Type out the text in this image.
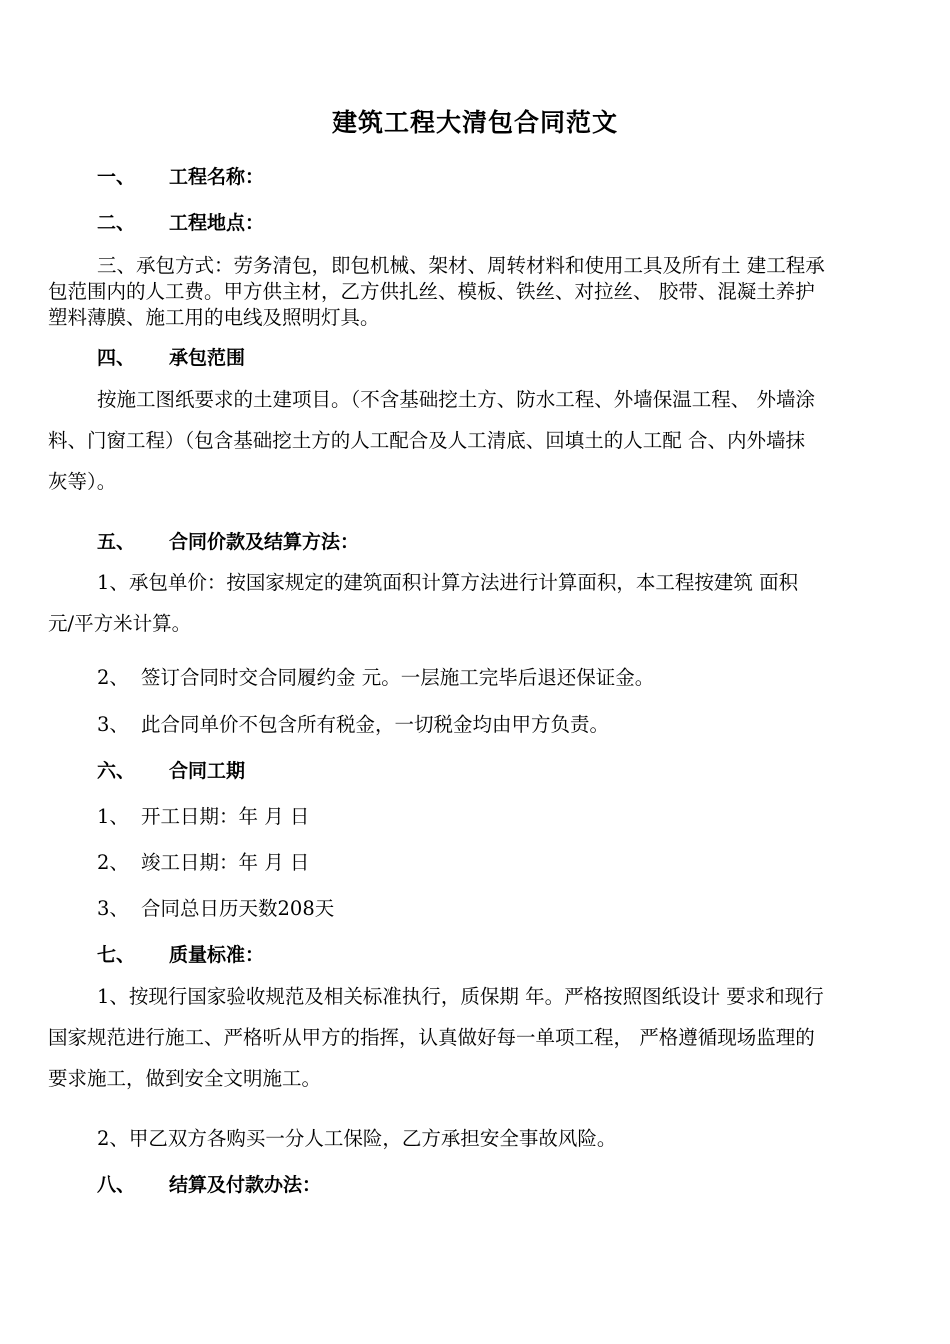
建筑工程大清包合同范文
一、 工程名称：
二、 工程地点：
三、承包方式：劳务清包，即包机械、架材、周转材料和使用工具及所有土 建工程承
包范围内的人工费。甲方供主材，乙方供扎丝、模板、铁丝、对拉丝、 胶带、混凝土养护
塑料薄膜、施工用的电线及照明灯具。
四、 承包范围
按施工图纸要求的土建项目。（不含基础挖土方、防水工程、外墙保温工程、 外墙涂
料、门窗工程）（包含基础挖土方的人工配合及人工清底、回填土的人工配 合、内外墙抹
灰等）。
五、 合同价款及结算方法：
1、承包单价：按国家规定的建筑面积计算方法进行计算面积，本工程按建筑 面积
元/平方米计算。
2、 签订合同时交合同履约金 元。一层施工完毕后退还保证金。
3、 此合同单价不包含所有税金，一切税金均由甲方负责。
六、 合同工期
1、 开工日期：年 月 日
2、 竣工日期：年 月 日
3、 合同总日历天数208天
七、 质量标准：
1、按现行国家验收规范及相关标准执行，质保期 年。严格按照图纸设计 要求和现行
国家规范进行施工、严格听从甲方的指挥，认真做好每一单项工程， 严格遵循现场监理的
要求施工，做到安全文明施工。
2、甲乙双方各购买一分人工保险，乙方承担安全事故风险。
八、 结算及付款办法：
